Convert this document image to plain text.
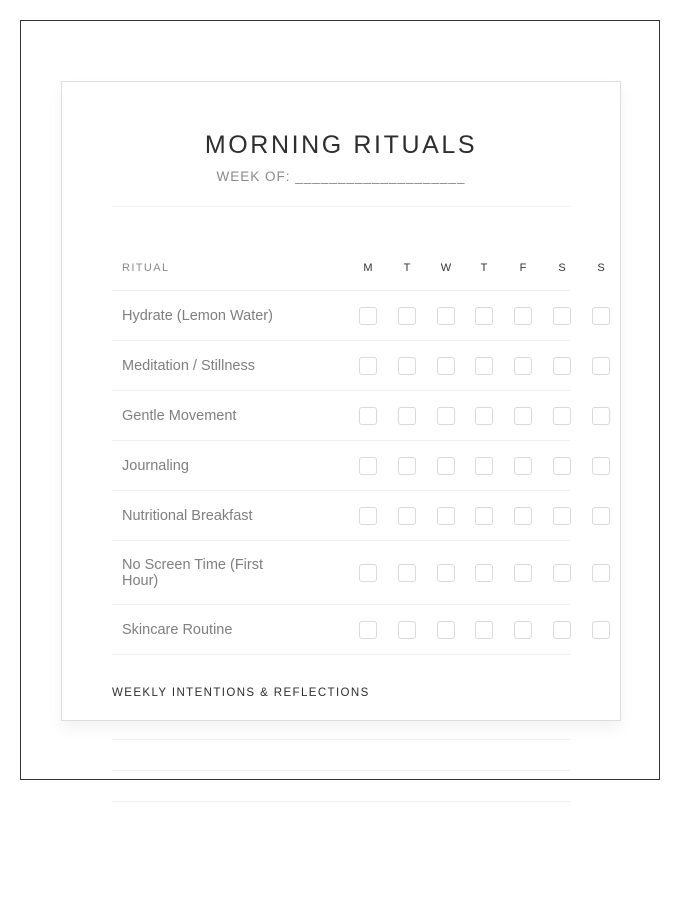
MORNING RITUALS
WEEK OF: ____________________
RITUAL	M	T	W	T	F	S	S
Hydrate (Lemon Water)
Meditation / Stillness
Gentle Movement
Journaling
Nutritional Breakfast
No Screen Time (First Hour)
Skincare Routine
WEEKLY INTENTIONS & REFLECTIONS
